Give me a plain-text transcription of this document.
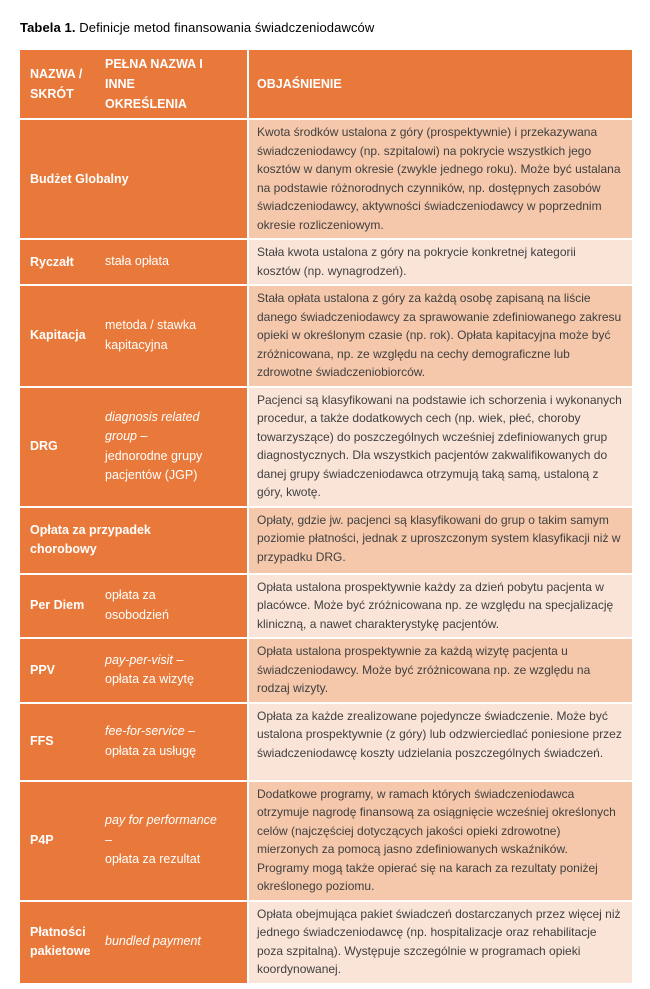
Tabela 1. Definicje metod finansowania świadczeniodawców

NAZWA / SKRÓT
PEŁNA NAZWA I INNE OKREŚLENIA
OBJAŚNIENIE
Budżet Globalny
Kwota środków ustalona z góry (prospektywnie) i przekazywana świadczeniodawcy (np. szpitalowi) na pokrycie wszystkich jego kosztów w danym okresie (zwykle jednego roku). Może być ustalana na podstawie różnorodnych czynników, np. dostępnych zasobów świadczeniodawcy, aktywności świadczeniodawcy w poprzednim okresie rozliczeniowym.
Ryczałt	stała opłata
Stała kwota ustalona z góry na pokrycie konkretnej kategorii kosztów (np. wynagrodzeń).
Kapitacja
metoda / stawka kapitacyjna
Stała opłata ustalona z góry za każdą osobę zapisaną na liście danego świadczeniodawcy za sprawowanie zdefiniowanego zakresu opieki w określonym czasie (np. rok). Opłata kapitacyjna może być zróżnicowana, np. ze względu na cechy demograficzne lub zdrowotne świadczeniobiorców.
DRG
diagnosis related group –
jednorodne grupy pacjentów (JGP)
Pacjenci są klasyfikowani na podstawie ich schorzenia i wykonanych procedur, a także dodatkowych cech (np. wiek, płeć, choroby towarzyszące) do poszczególnych wcześniej zdefiniowanych grup diagnostycznych. Dla wszystkich pacjentów zakwalifikowanych do danej grupy świadczeniodawca otrzymują taką samą, ustaloną z góry, kwotę.
Opłata za przypadek chorobowy
Opłaty, gdzie jw. pacjenci są klasyfikowani do grup o takim samym poziomie płatności, jednak z uproszczonym system klasyfikacji niż w przypadku DRG.
Per Diem
opłata za osobodzień
Opłata ustalona prospektywnie każdy za dzień pobytu pacjenta w placówce. Może być zróżnicowana np. ze względu na specjalizację kliniczną, a nawet charakterystykę pacjentów.
PPV
pay-per-visit –
opłata za wizytę
Opłata ustalona prospektywnie za każdą wizytę pacjenta u świadczeniodawcy. Może być zróżnicowana np. ze względu na rodzaj wizyty.
FFS
fee-for-service –
opłata za usługę
Opłata za każde zrealizowane pojedyncze świadczenie. Może być ustalona prospektywnie (z góry) lub odzwierciedlać poniesione przez świadczeniodawcę koszty udzielania poszczególnych świadczeń.
P4P
pay for performance –
opłata za rezultat
Dodatkowe programy, w ramach których świadczeniodawca otrzymuje nagrodę finansową za osiągnięcie wcześniej określonych celów (najczęściej dotyczących jakości opieki zdrowotne) mierzonych za pomocą jasno zdefiniowanych wskaźników. Programy mogą także opierać się na karach za rezultaty poniżej określonego poziomu.
Płatności pakietowe
bundled payment
Opłata obejmująca pakiet świadczeń dostarczanych przez więcej niż jednego świadczeniodawcę (np. hospitalizacje oraz rehabilitacje poza szpitalną). Występuje szczególnie w programach opieki koordynowanej.
